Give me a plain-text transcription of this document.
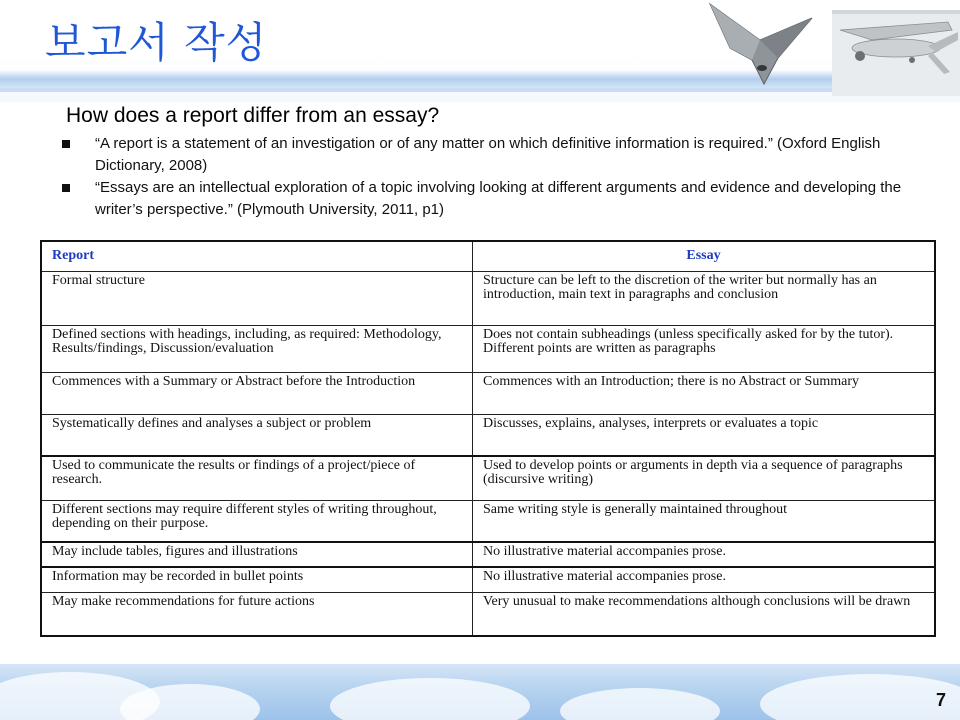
보고서 작성
How does a report differ from an essay?
“A report is a statement of an investigation or of any matter on which definitive information is required.” (Oxford English Dictionary, 2008)
“Essays are an intellectual exploration of a topic involving looking at different arguments and evidence and developing the writer’s perspective.” (Plymouth University, 2011, p1)
Report	Essay
Formal structure	Structure can be left to the discretion of the writer but normally has an introduction, main text in paragraphs and conclusion
Defined sections with headings, including, as required: Methodology, Results/findings, Discussion/evaluation	Does not contain subheadings (unless specifically asked for by the tutor). Different points are written as paragraphs
Commences with a Summary or Abstract before the Introduction	Commences with an Introduction; there is no Abstract or Summary
Systematically defines and analyses a subject or problem	Discusses, explains, analyses, interprets or evaluates a topic
Used to communicate the results or findings of a project/piece of research.	Used to develop points or arguments in depth via a sequence of paragraphs (discursive writing)
Different sections may require different styles of writing throughout, depending on their purpose.	Same writing style is generally maintained throughout
May include tables, figures and illustrations	No illustrative material accompanies prose.
Information may be recorded in bullet points	No illustrative material accompanies prose.
May make recommendations for future actions	Very unusual to make recommendations although conclusions will be drawn
7
